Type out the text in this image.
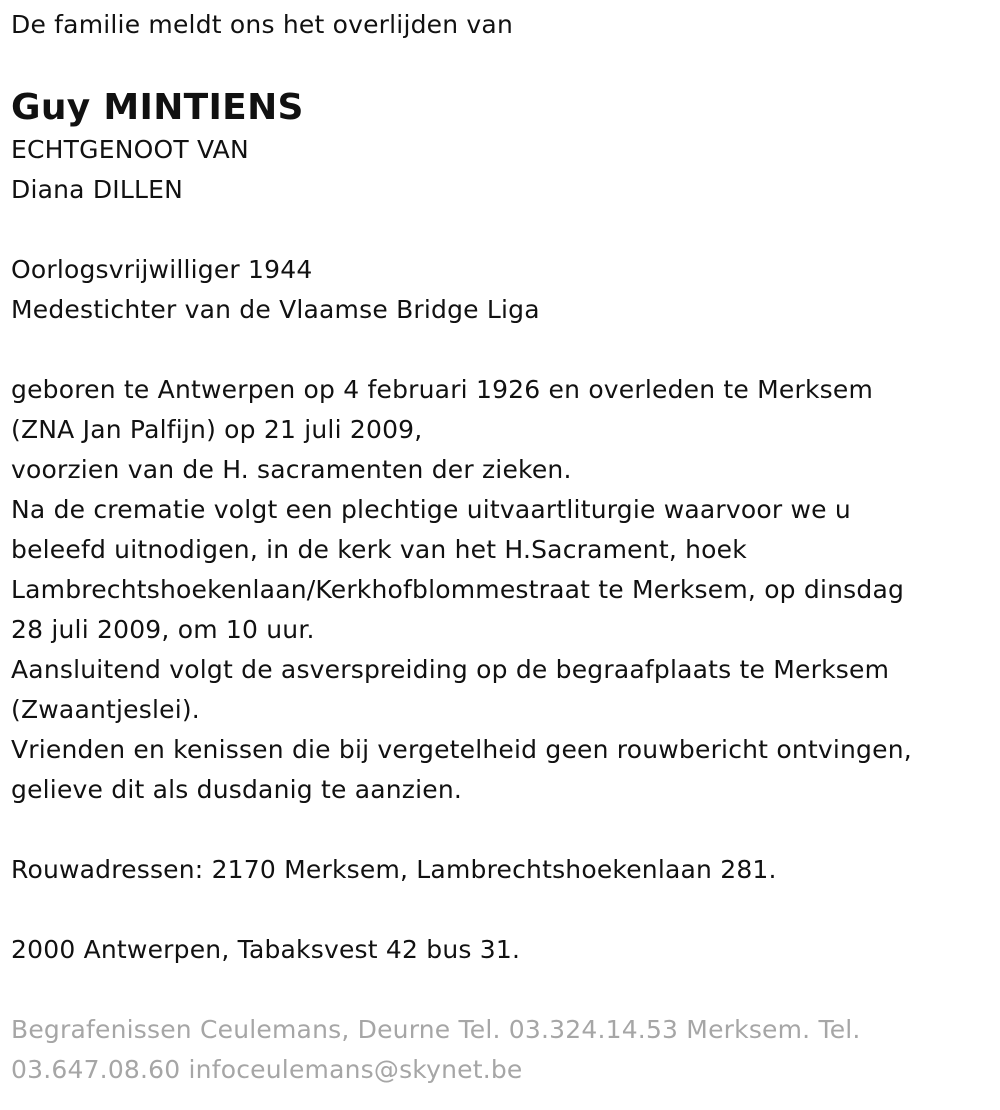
De familie meldt ons het overlijden van
Guy MINTIENS
ECHTGENOOT VAN
Diana DILLEN
Oorlogsvrijwilliger 1944
Medestichter van de Vlaamse Bridge Liga
geboren te Antwerpen op 4 februari 1926 en overleden te Merksem
(ZNA Jan Palfijn) op 21 juli 2009,
voorzien van de H. sacramenten der zieken.
Na de crematie volgt een plechtige uitvaartliturgie waarvoor we u
beleefd uitnodigen, in de kerk van het H.Sacrament, hoek
Lambrechtshoekenlaan/Kerkhofblommestraat te Merksem, op dinsdag
28 juli 2009, om 10 uur.
Aansluitend volgt de asverspreiding op de begraafplaats te Merksem
(Zwaantjeslei).
Vrienden en kenissen die bij vergetelheid geen rouwbericht ontvingen,
gelieve dit als dusdanig te aanzien.
Rouwadressen: 2170 Merksem, Lambrechtshoekenlaan 281.
2000 Antwerpen, Tabaksvest 42 bus 31.
Begrafenissen Ceulemans, Deurne Tel. 03.324.14.53 Merksem. Tel.
03.647.08.60 infoceulemans@skynet.be
